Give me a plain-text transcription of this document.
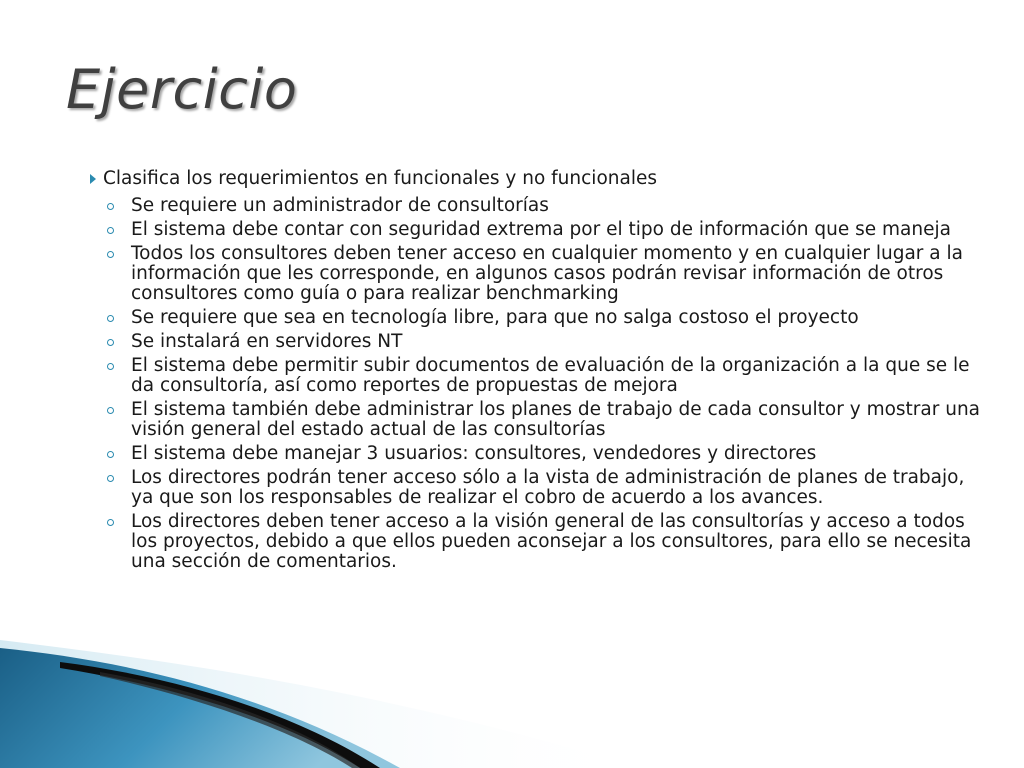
Ejercicio
Clasifica los requerimientos en funcionales y no funcionales
Se requiere un administrador de consultorías
El sistema debe contar con seguridad extrema por el tipo de información que se maneja
Todos los consultores deben tener acceso en cualquier momento y en cualquier lugar a la información que les corresponde, en algunos casos podrán revisar información de otros consultores como guía o para realizar benchmarking
Se requiere que sea en tecnología libre, para que no salga costoso el proyecto
Se instalará en servidores NT
El sistema debe permitir subir documentos de evaluación de la organización a la que se le da consultoría, así como reportes de propuestas de mejora
El sistema también debe administrar los planes de trabajo de cada consultor y mostrar una visión general del estado actual de las consultorías
El sistema debe manejar 3 usuarios: consultores, vendedores y directores
Los directores podrán tener acceso sólo a la vista de administración de planes de trabajo, ya que son los responsables de realizar el cobro de acuerdo a los avances.
Los directores deben tener acceso a la visión general de las consultorías y acceso a todos los proyectos, debido a que ellos pueden aconsejar a los consultores, para ello se necesita una sección de comentarios.
